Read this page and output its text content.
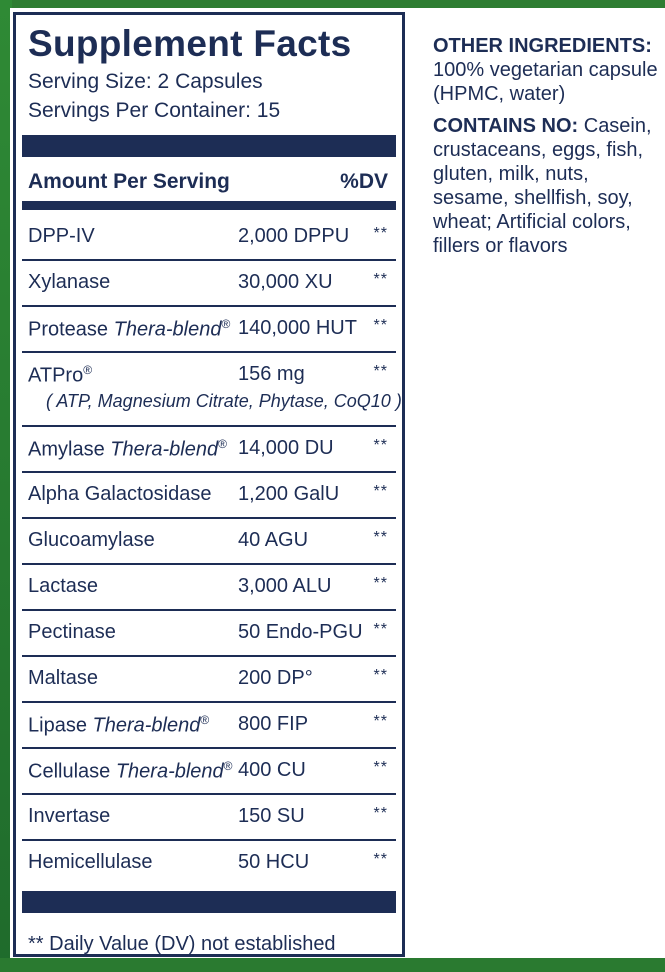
Supplement Facts
Serving Size: 2 Capsules
Servings Per Container: 15
Amount Per Serving	%DV
DPP-IV	2,000 DPPU **
Xylanase	30,000 XU	**
Protease Thera-blend® 140,000 HUT **
ATPro®	156 mg	**
( ATP, Magnesium Citrate, Phytase, CoQ10 )
Amylase Thera-blend® 14,000 DU **
Alpha Galactosidase 1,200 GalU **
Glucoamylase	40 AGU	**
Lactase	3,000 ALU	**
Pectinase	50 Endo-PGU **
Maltase	200 DP°	**
Lipase Thera-blend® 800 FIP	**
Cellulase Thera-blend® 400 CU	**
Invertase	150 SU	**
Hemicellulase	50 HCU	**
** Daily Value (DV) not established

OTHER INGREDIENTS:
100% vegetarian capsule (HPMC, water)

CONTAINS NO: Casein, crustaceans, eggs, fish, gluten, milk, nuts, sesame, shellfish, soy, wheat; Artificial colors, fillers or flavors
